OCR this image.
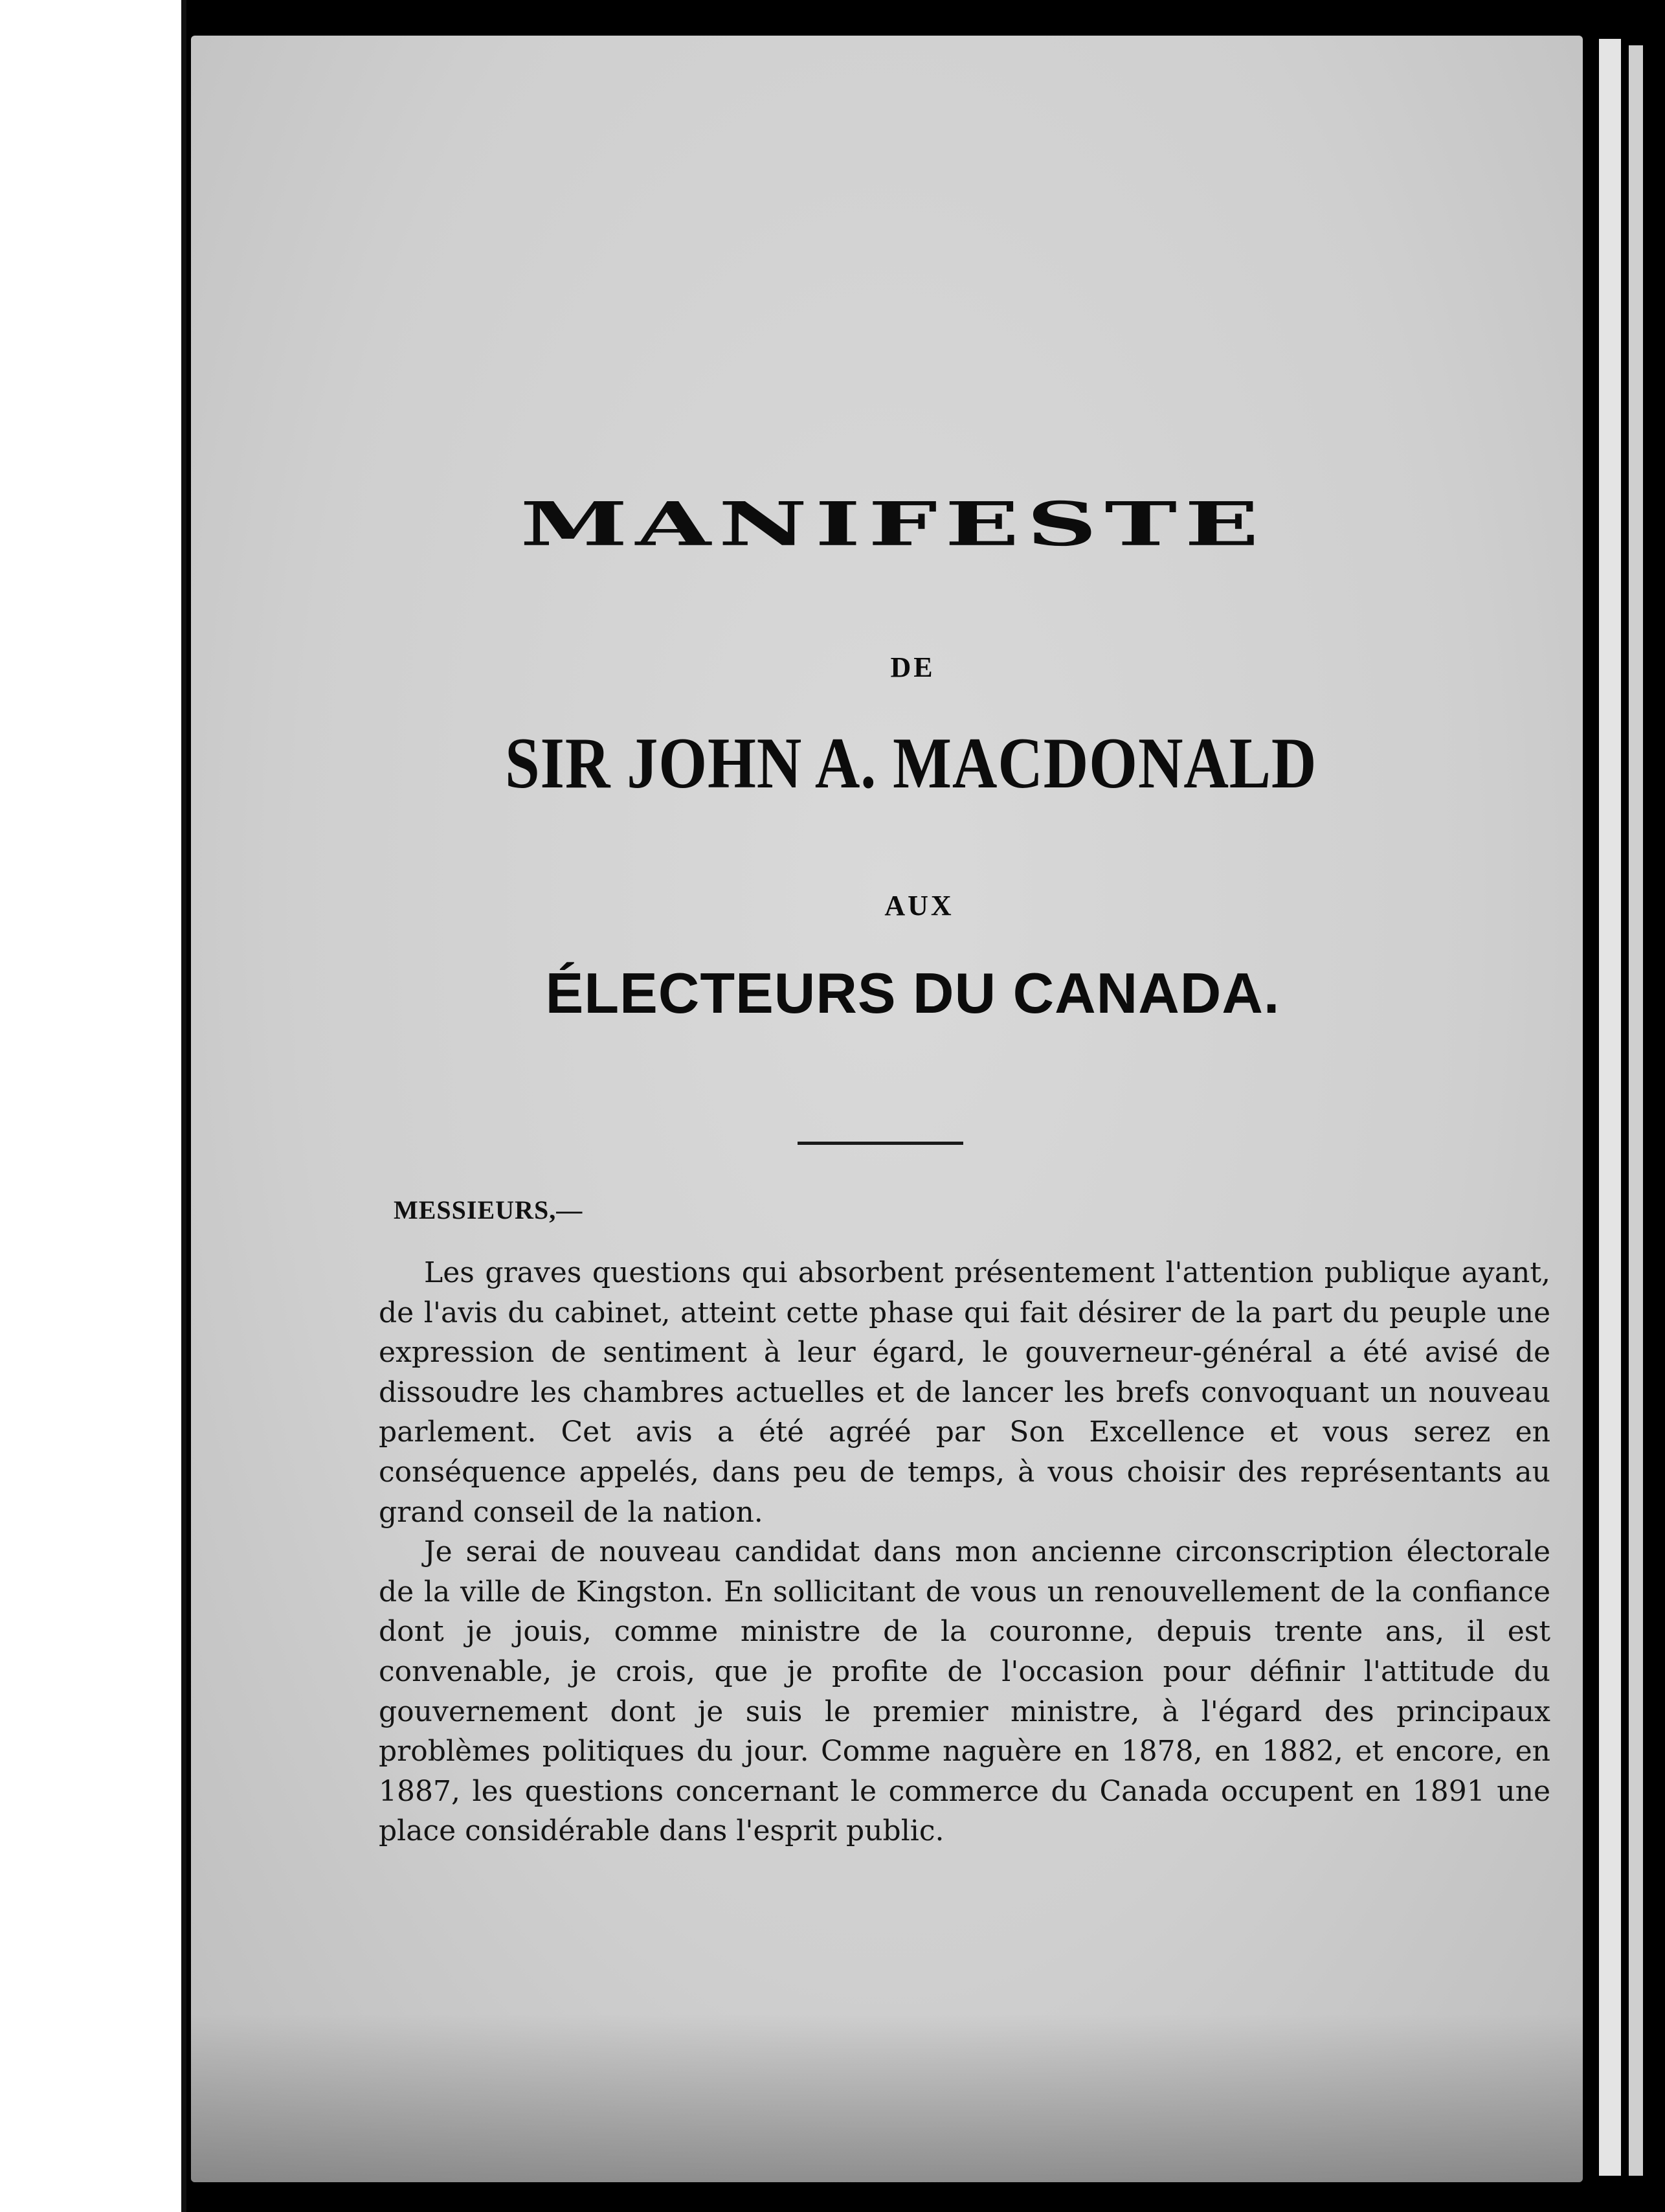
MANIFESTE
DE
SIR JOHN A. MACDONALD
AUX
ÉLECTEURS DU CANADA.
MESSIEURS,—

Les graves questions qui absorbent présentement l'attention publique ayant, de l'avis du cabinet, atteint cette phase qui fait désirer de la part du peuple une expression de sentiment à leur égard, le gouverneur-général a été avisé de dissoudre les chambres actuelles et de lancer les brefs convoquant un nouveau parlement. Cet avis a été agréé par Son Excellence et vous serez en conséquence appelés, dans peu de temps, à vous choisir des représentants au grand conseil de la nation.

Je serai de nouveau candidat dans mon ancienne circonscription électorale de la ville de Kingston. En sollicitant de vous un renouvellement de la confiance dont je jouis, comme ministre de la couronne, depuis trente ans, il est convenable, je crois, que je profite de l'occasion pour définir l'attitude du gouvernement dont je suis le premier ministre, à l'égard des principaux problèmes politiques du jour. Comme naguère en 1878, en 1882, et encore, en 1887, les questions concernant le commerce du Canada occupent en 1891 une place considérable dans l'esprit public.
